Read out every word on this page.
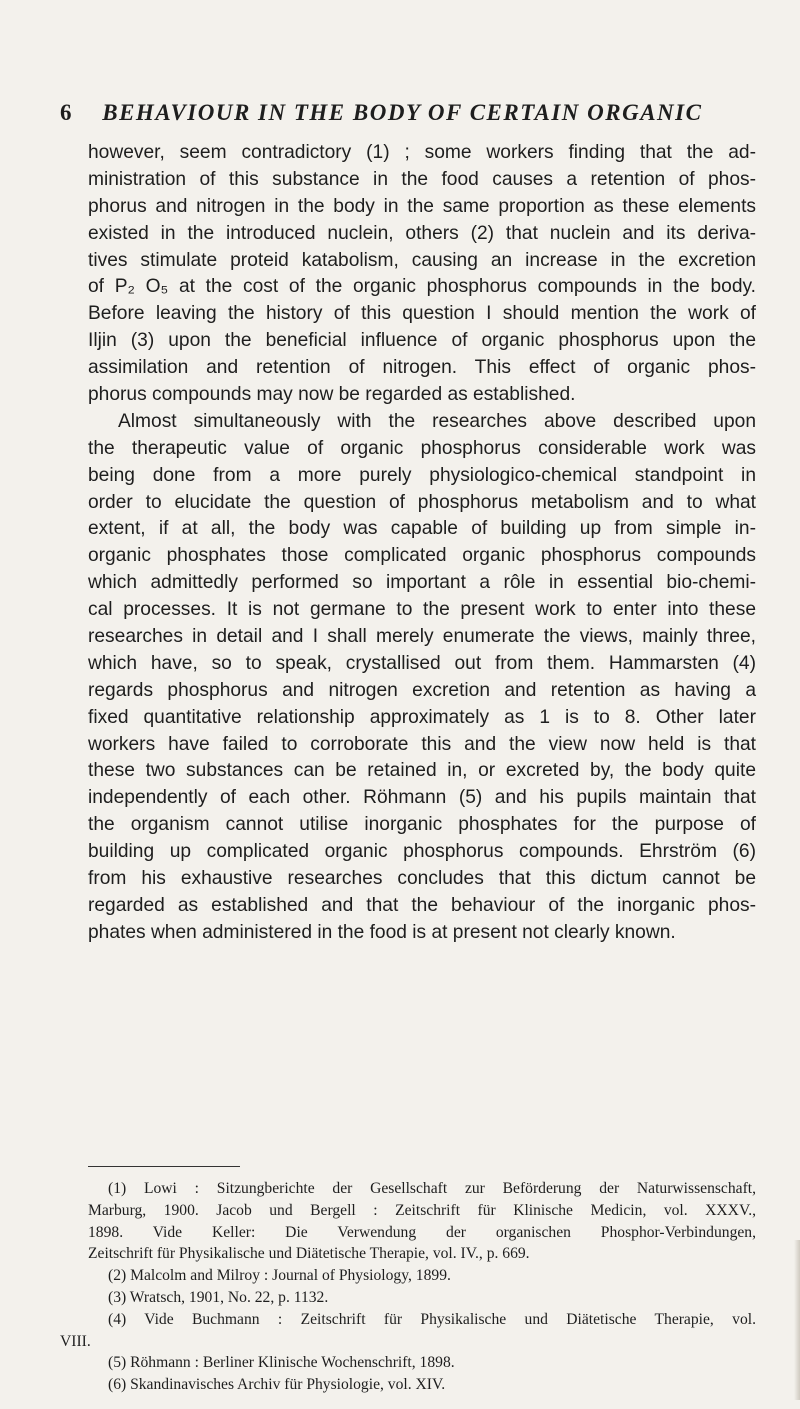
6 BEHAVIOUR IN THE BODY OF CERTAIN ORGANIC
however, seem contradictory (1) ; some workers finding that the ad-
ministration of this substance in the food causes a retention of phos-
phorus and nitrogen in the body in the same proportion as these elements
existed in the introduced nuclein, others (2) that nuclein and its deriva-
tives stimulate proteid katabolism, causing an increase in the excretion
of P₂ O₅ at the cost of the organic phosphorus compounds in the body.
Before leaving the history of this question I should mention the work of
Iljin (3) upon the beneficial influence of organic phosphorus upon the
assimilation and retention of nitrogen. This effect of organic phos-
phorus compounds may now be regarded as established.
Almost simultaneously with the researches above described upon
the therapeutic value of organic phosphorus considerable work was
being done from a more purely physiologico-chemical standpoint in
order to elucidate the question of phosphorus metabolism and to what
extent, if at all, the body was capable of building up from simple in-
organic phosphates those complicated organic phosphorus compounds
which admittedly performed so important a rôle in essential bio-chemi-
cal processes. It is not germane to the present work to enter into these
researches in detail and I shall merely enumerate the views, mainly three,
which have, so to speak, crystallised out from them. Hammarsten (4)
regards phosphorus and nitrogen excretion and retention as having a
fixed quantitative relationship approximately as 1 is to 8. Other later
workers have failed to corroborate this and the view now held is that
these two substances can be retained in, or excreted by, the body quite
independently of each other. Röhmann (5) and his pupils maintain that
the organism cannot utilise inorganic phosphates for the purpose of
building up complicated organic phosphorus compounds. Ehrström (6)
from his exhaustive researches concludes that this dictum cannot be
regarded as established and that the behaviour of the inorganic phos-
phates when administered in the food is at present not clearly known.
(1) Lowi : Sitzungberichte der Gesellschaft zur Beförderung der Naturwissenschaft,
Marburg, 1900. Jacob und Bergell : Zeitschrift für Klinische Medicin, vol. XXXV.,
1898. Vide Keller: Die Verwendung der organischen Phosphor-Verbindungen,
Zeitschrift für Physikalische und Diätetische Therapie, vol. IV., p. 669.
(2) Malcolm and Milroy : Journal of Physiology, 1899.
(3) Wratsch, 1901, No. 22, p. 1132.
(4) Vide Buchmann : Zeitschrift für Physikalische und Diätetische Therapie, vol.
VIII.
(5) Röhmann : Berliner Klinische Wochenschrift, 1898.
(6) Skandinavisches Archiv für Physiologie, vol. XIV.
